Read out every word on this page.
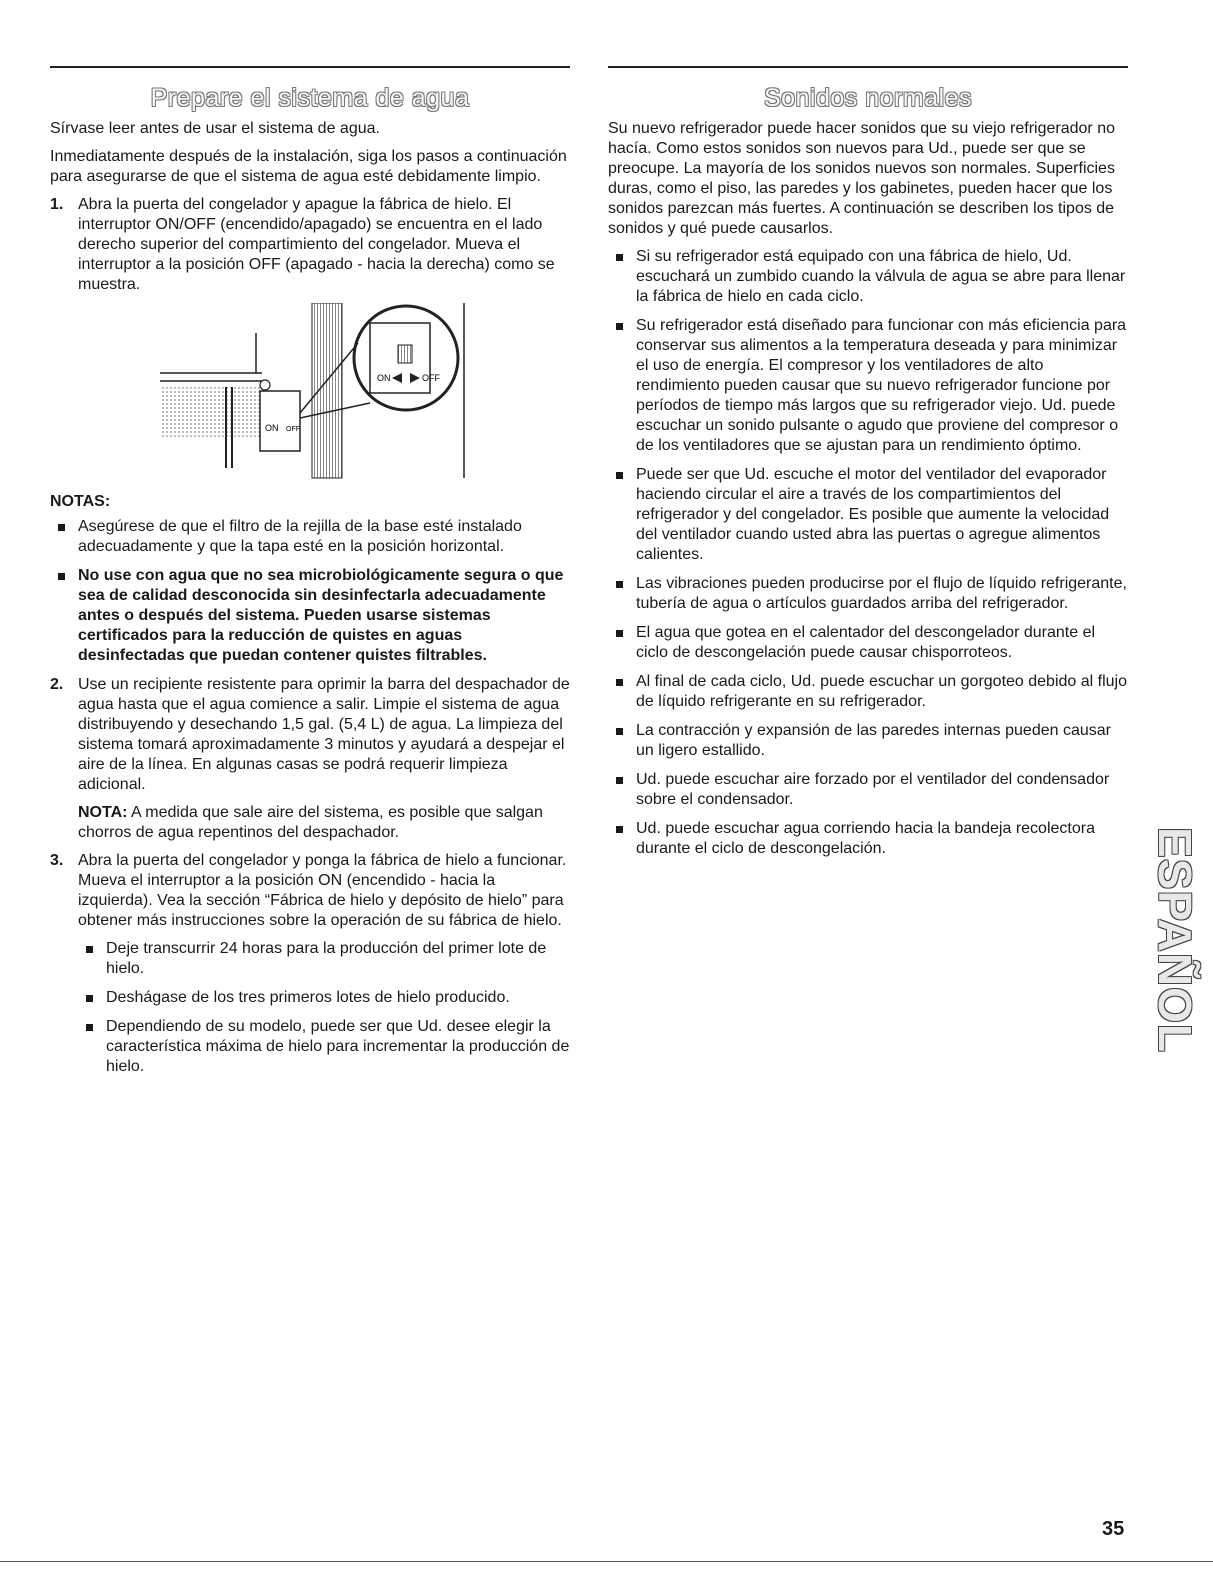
Prepare el sistema de agua

Sírvase leer antes de usar el sistema de agua.

Inmediatamente después de la instalación, siga los pasos a continuación para asegurarse de que el sistema de agua esté debidamente limpio.

1. Abra la puerta del congelador y apague la fábrica de hielo. El interruptor ON/OFF (encendido/apagado) se encuentra en el lado derecho superior del compartimiento del congelador. Mueva el interruptor a la posición OFF (apagado - hacia la derecha) como se muestra.
ON OFF
ON	OFF
NOTAS:
Asegúrese de que el filtro de la rejilla de la base esté instalado adecuadamente y que la tapa esté en la posición horizontal.
No use con agua que no sea microbiológicamente segura o que sea de calidad desconocida sin desinfectarla adecuadamente antes o después del sistema. Pueden usarse sistemas certificados para la reducción de quistes en aguas desinfectadas que puedan contener quistes filtrables.
2. Use un recipiente resistente para oprimir la barra del despachador de agua hasta que el agua comience a salir. Limpie el sistema de agua distribuyendo y desechando 1,5 gal. (5,4 L) de agua. La limpieza del sistema tomará aproximadamente 3 minutos y ayudará a despejar el aire de la línea. En algunas casas se podrá requerir limpieza adicional.

NOTA: A medida que sale aire del sistema, es posible que salgan chorros de agua repentinos del despachador.

3. Abra la puerta del congelador y ponga la fábrica de hielo a funcionar. Mueva el interruptor a la posición ON (encendido - hacia la izquierda). Vea la sección “Fábrica de hielo y depósito de hielo” para obtener más instrucciones sobre la operación de su fábrica de hielo.
Deje transcurrir 24 horas para la producción del primer lote de hielo.
Deshágase de los tres primeros lotes de hielo producido.
Dependiendo de su modelo, puede ser que Ud. desee elegir la característica máxima de hielo para incrementar la producción de hielo.
Sonidos normales

Su nuevo refrigerador puede hacer sonidos que su viejo refrigerador no hacía. Como estos sonidos son nuevos para Ud., puede ser que se preocupe. La mayoría de los sonidos nuevos son normales. Superficies duras, como el piso, las paredes y los gabinetes, pueden hacer que los sonidos parezcan más fuertes. A continuación se describen los tipos de sonidos y qué puede causarlos.

Si su refrigerador está equipado con una fábrica de hielo, Ud. escuchará un zumbido cuando la válvula de agua se abre para llenar la fábrica de hielo en cada ciclo.
Su refrigerador está diseñado para funcionar con más eficiencia para conservar sus alimentos a la temperatura deseada y para minimizar el uso de energía. El compresor y los ventiladores de alto rendimiento pueden causar que su nuevo refrigerador funcione por períodos de tiempo más largos que su refrigerador viejo. Ud. puede escuchar un sonido pulsante o agudo que proviene del compresor o de los ventiladores que se ajustan para un rendimiento óptimo.
Puede ser que Ud. escuche el motor del ventilador del evaporador haciendo circular el aire a través de los compartimientos del refrigerador y del congelador. Es posible que aumente la velocidad del ventilador cuando usted abra las puertas o agregue alimentos calientes.
Las vibraciones pueden producirse por el flujo de líquido refrigerante, tubería de agua o artículos guardados arriba del refrigerador.
El agua que gotea en el calentador del descongelador durante el ciclo de descongelación puede causar chisporroteos.
Al final de cada ciclo, Ud. puede escuchar un gorgoteo debido al flujo de líquido refrigerante en su refrigerador.
La contracción y expansión de las paredes internas pueden causar un ligero estallido.
Ud. puede escuchar aire forzado por el ventilador del condensador sobre el condensador.
Ud. puede escuchar agua corriendo hacia la bandeja recolectora durante el ciclo de descongelación.	ESPAÑOL
35
